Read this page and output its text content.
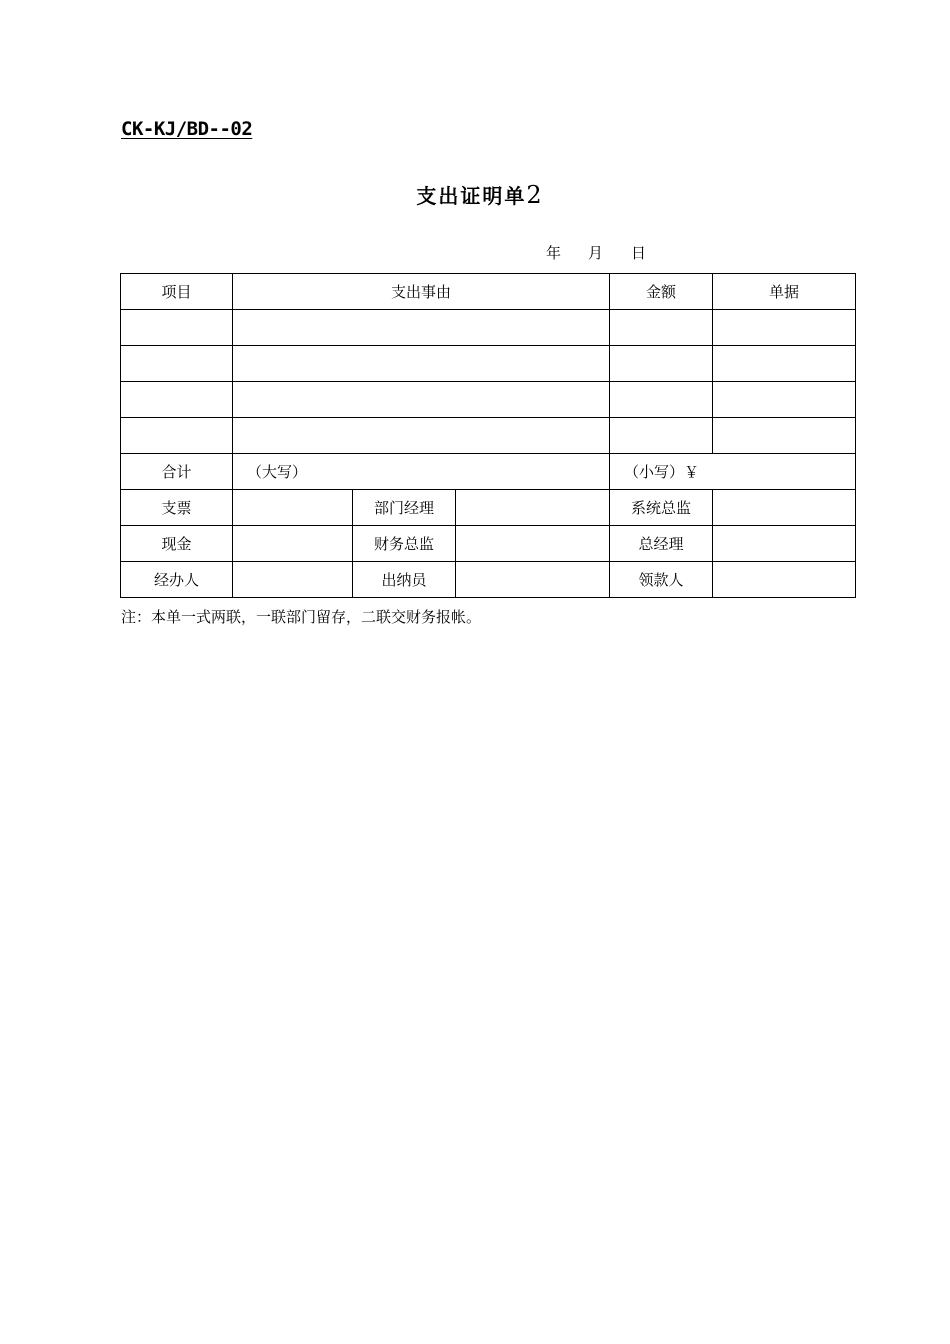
CK-KJ/BD--02
支出证明单2
年 月 日
项目	支出事由			金额	单据

合计	（大写）			（小写）￥	
支票		部门经理		系统总监	
现金		财务总监		总经理	
经办人		出纳员		领款人	
注：本单一式两联，一联部门留存，二联交财务报帐。
